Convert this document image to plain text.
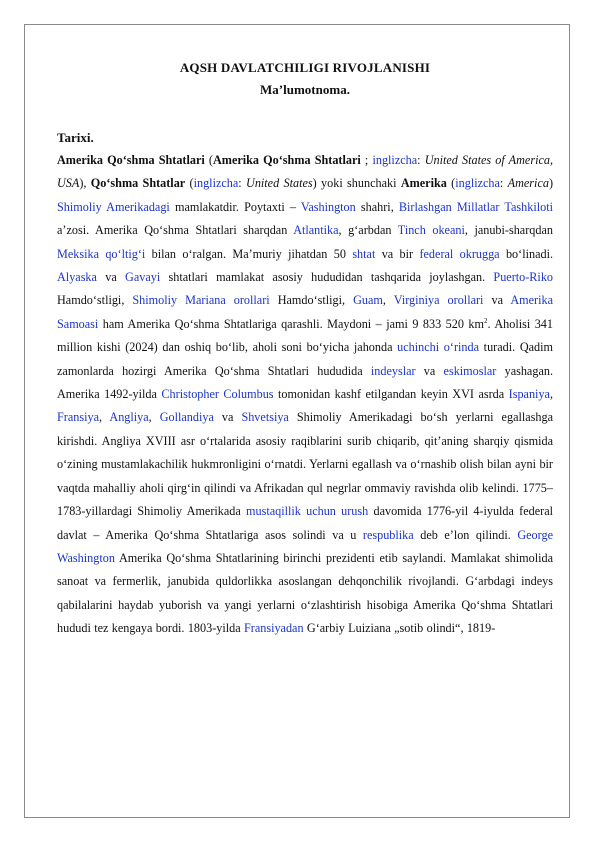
AQSH DAVLATCHILIGI RIVOJLANISHI
Ma’lumotnoma.
Tarixi.
Amerika Qo‘shma Shtatlari (Amerika Qo‘shma Shtatlari ; inglizcha: United States of America, USA), Qo‘shma Shtatlar (inglizcha: United States) yoki shunchaki Amerika (inglizcha: America) Shimoliy Amerikadagi mamlakatdir. Poytaxti – Vashington shahri, Birlashgan Millatlar Tashkiloti a’zosi. Amerika Qo‘shma Shtatlari sharqdan Atlantika, g‘arbdan Tinch okeani, janubi-sharqdan Meksika qo‘ltig‘i bilan o‘ralgan. Ma’muriy jihatdan 50 shtat va bir federal okrugga bo‘linadi. Alyaska va Gavayi shtatlari mamlakat asosiy hududidan tashqarida joylashgan. Puerto-Riko Hamdo‘stligi, Shimoliy Mariana orollari Hamdo‘stligi, Guam, Virginiya orollari va Amerika Samoasi ham Amerika Qo‘shma Shtatlariga qarashli. Maydoni – jami 9 833 520 $km^2$. Aholisi 341 million kishi (2024) dan oshiq bo‘lib, aholi soni bo‘yicha jahonda uchinchi o‘rinda turadi. Qadim zamonlarda hozirgi Amerika Qo‘shma Shtatlari hududida indeyslar va eskimoslar yashagan. Amerika 1492-yilda Christopher Columbus tomonidan kashf etilgandan keyin XVI asrda Ispaniya, Fransiya, Angliya, Gollandiya va Shvetsiya Shimoliy Amerikadagi bo‘sh yerlarni egallashga kirishdi. Angliya XVIII asr o‘rtalarida asosiy raqiblarini surib chiqarib, qit’aning sharqiy qismida o‘zining mustamlakachilik hukmronligini o‘rnatdi. Yerlarni egallash va o‘rnashib olish bilan ayni bir vaqtda mahalliy aholi qirg‘in qilindi va Afrikadan qul negrlar ommaviy ravishda olib kelindi. 1775–1783-yillardagi Shimoliy Amerikada mustaqillik uchun urush davomida 1776-yil 4-iyulda federal davlat – Amerika Qo‘shma Shtatlariga asos solindi va u respublika deb e’lon qilindi. George Washington Amerika Qo‘shma Shtatlarining birinchi prezidenti etib saylandi. Mamlakat shimolida sanoat va fermerlik, janubida quldorlikka asoslangan dehqonchilik rivojlandi. G‘arbdagi indeys qabilalarini haydab yuborish va yangi yerlarni o‘zlashtirish hisobiga Amerika Qo‘shma Shtatlari hududi tez kengaya bordi. 1803-yilda Fransiyadan G‘arbiy Luiziana „sotib olindi“, 1819-
